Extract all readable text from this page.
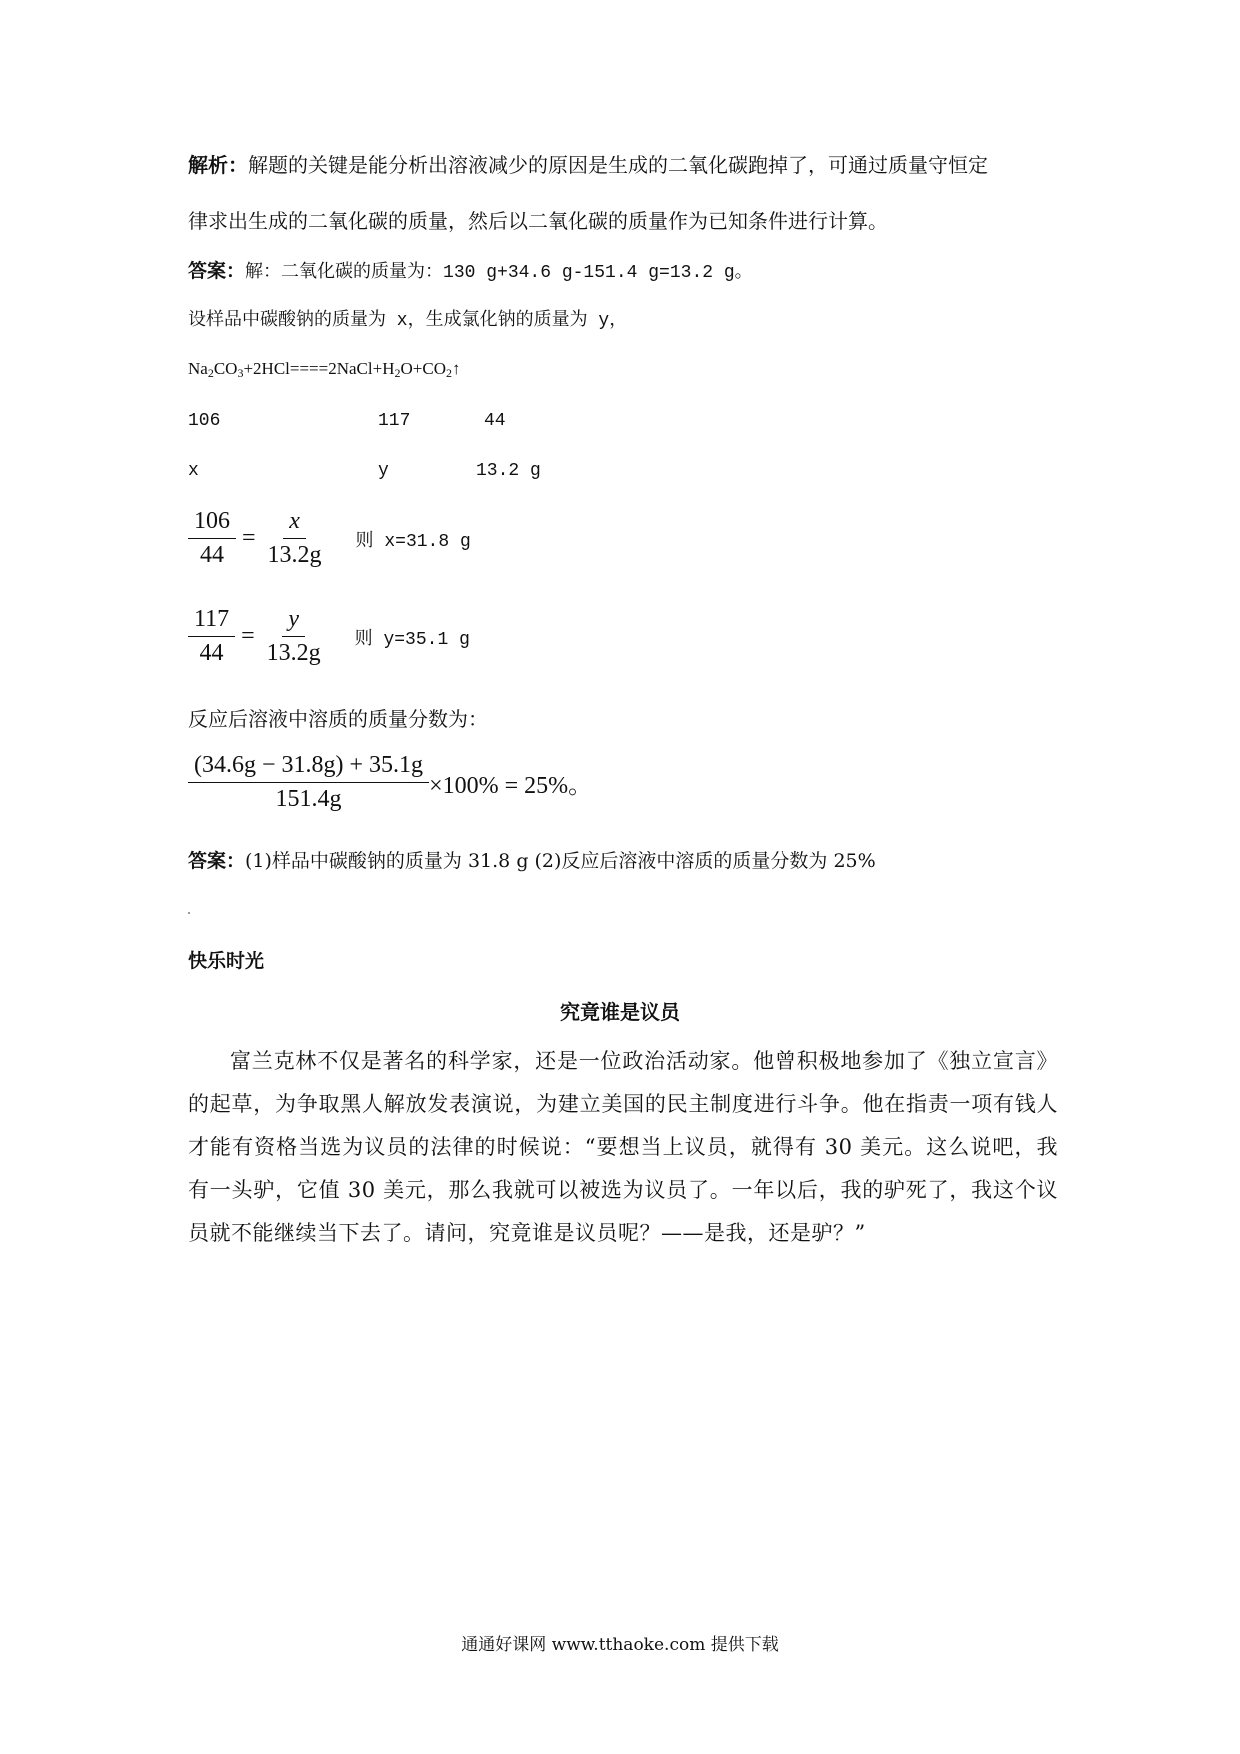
解析：解题的关键是能分析出溶液减少的原因是生成的二氧化碳跑掉了，可通过质量守恒定
律求出生成的二氧化碳的质量，然后以二氧化碳的质量作为已知条件进行计算。
答案：解：二氧化碳的质量为：130 g+34.6 g-151.4 g=13.2 g。
设样品中碳酸钠的质量为 x，生成氯化钠的质量为 y，
$Na_2CO_3+2HCl====2NaCl+H_2O+CO_2↑$
106	117	44
x	y	13.2 g
$\frac{106}{44} = \frac{x}{13.2g}$ 则 x=31.8 g
$\frac{117}{44} = \frac{y}{13.2g}$ 则 y=35.1 g
反应后溶液中溶质的质量分数为：
$\frac{(34.6g - 31.8g) + 35.1g}{151.4g} \times 100\% = 25\%$。
答案：(1)样品中碳酸钠的质量为 31.8 g (2)反应后溶液中溶质的质量分数为 25%
快乐时光
究竟谁是议员
富兰克林不仅是著名的科学家，还是一位政治活动家。他曾积极地参加了《独立宣言》的起草，为争取黑人解放发表演说，为建立美国的民主制度进行斗争。他在指责一项有钱人才能有资格当选为议员的法律的时候说：“要想当上议员，就得有 30 美元。这么说吧，我有一头驴，它值 30 美元，那么我就可以被选为议员了。一年以后，我的驴死了，我这个议员就不能继续当下去了。请问，究竟谁是议员呢？——是我，还是驴？”
通通好课网 www.tthaoke.com 提供下载
